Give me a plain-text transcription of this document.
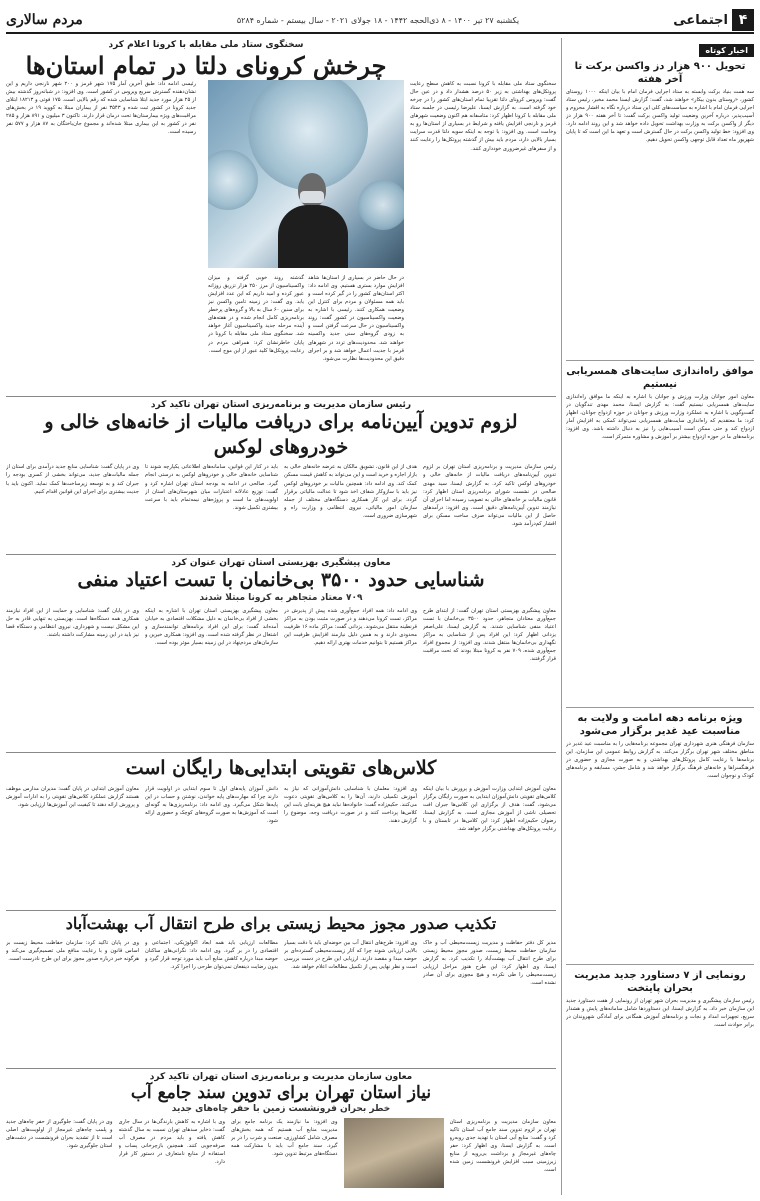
۴
اجتماعی
یکشنبه ۲۷ تیر ۱۴۰۰ - ۸ ذی‌الحجه ۱۴۴۲ - ۱۸ جولای ۲۰۲۱ - سال بیستم - شماره ۵۲۸۴
مردم سالاری
اخبار کوتاه
تحویل ۹۰۰ هزار دز واکسن برکت تا آخر هفته
سه همت بنیاد برکت وابسته به ستاد اجرایی فرمان امام با بیان اینکه ۱۰۰۰ روستای کشور، «روستای بدون بیکار» خواهند شد، گفت: گزارش ایسنا محمد مخبر، رئیس ستاد اجرایی فرمان امام با اشاره به سیاست‌های کلی این ستاد درباره نگاه به اقشار محروم و آسیب‌پذیر، درباره آخرین وضعیت تولید واکسن برکت گفت: تا آخر هفته ۹۰۰ هزار دز دیگر از واکسن برکت به وزارت بهداشت تحویل داده خواهد شد و این روند ادامه دارد. وی افزود: خط تولید واکسن برکت در حال گسترش است و تعهد ما این است که تا پایان شهریور ماه تعداد قابل توجهی واکسن تحویل دهیم.
موافق راه‌اندازی سایت‌های همسریابی نیستیم
معاون امور جوانان وزارت ورزش و جوانان با اشاره به اینکه ما موافق راه‌اندازی سایت‌های همسریابی نیستیم گفت: به گزارش ایسنا، محمد مهدی تندگویان در گفت‌وگویی با اشاره به عملکرد وزارت ورزش و جوانان در حوزه ازدواج جوانان، اظهار کرد: ما معتقدیم که راه‌اندازی سایت‌های همسریابی نمی‌تواند کمکی به افزایش آمار ازدواج کند و حتی ممکن است آسیب‌هایی را نیز به دنبال داشته باشد. وی افزود: برنامه‌های ما در حوزه ازدواج بیشتر بر آموزش و مشاوره متمرکز است.
ویژه برنامه دهه امامت و ولایت به مناسبت عید غدیر برگزار می‌شود
سازمان فرهنگی هنری شهرداری تهران مجموعه برنامه‌هایی را به مناسبت عید غدیر در مناطق مختلف شهر تهران برگزار می‌کند. به گزارش روابط عمومی این سازمان، این برنامه‌ها با رعایت کامل پروتکل‌های بهداشتی و به صورت مجازی و حضوری در فرهنگسراها و خانه‌های فرهنگ برگزار خواهد شد و شامل جشن، مسابقه و برنامه‌های کودک و نوجوان است.
رونمایی از ۷ دستاورد جدید مدیریت بحران پایتخت
رئیس سازمان پیشگیری و مدیریت بحران شهر تهران از رونمایی از هفت دستاورد جدید این سازمان خبر داد. به گزارش ایسنا، این دستاوردها شامل سامانه‌های پایش و هشدار سریع، تجهیزات امداد و نجات و برنامه‌های آموزش همگانی برای آمادگی شهروندان در برابر حوادث است.
سخنگوی ستاد ملی مقابله با کرونا اعلام کرد
چرخش کرونای دلتا در تمام استان‌ها
سخنگوی ستاد ملی مقابله با کرونا نسبت به کاهش سطح رعایت پروتکل‌های بهداشتی به زیر ۵۰ درصد هشدار داد و در عین حال گفت: ویروس کرونای دلتا تقریبا تمام استان‌های کشور را در چرخه خود گرفته است. به گزارش ایسنا، علیرضا رئیسی در جلسه ستاد ملی مقابله با کرونا اظهار کرد: متاسفانه هم اکنون وضعیت شهرهای قرمز و نارنجی افزایش یافته و شرایط در بسیاری از استان‌ها رو به وخامت است. وی افزود: با توجه به اینکه سویه دلتا قدرت سرایت بسیار بالایی دارد، مردم باید بیش از گذشته پروتکل‌ها را رعایت کنند و از سفرهای غیرضروری خودداری کنند.
در حال حاضر در بسیاری از استان‌ها شاهد افزایش موارد بستری هستیم. وی ادامه داد: اکثر استان‌های کشور را در گیر کرده است و باید همه مسئولان و مردم برای کنترل این وضعیت همکاری کنند. رئیسی با اشاره به وضعیت واکسیناسیون در کشور گفت: روند واکسیناسیون در حال سرعت گرفتن است و به زودی گروه‌های سنی جدید واکسینه خواهند شد. محدودیت‌های تردد در شهرهای قرمز با جدیت اعمال خواهد شد و بر اجرای دقیق این محدودیت‌ها نظارت می‌شود.
گذشته روند خوبی گرفته و میزان واکسیناسیون از مرز ۲۵۰ هزار تزریق روزانه عبور کرده و امید داریم که این عدد افزایش یابد. وی گفت: در زمینه تامین واکسن نیز برای سنین ۶۰ سال به بالا و گروه‌های پرخطر برنامه‌ریزی کامل انجام شده و در هفته‌های آینده مرحله جدید واکسیناسیون آغاز خواهد شد. سخنگوی ستاد ملی مقابله با کرونا در پایان خاطرنشان کرد: همراهی مردم در رعایت پروتکل‌ها کلید عبور از این موج است.
رئیسی ادامه داد: طبق آخرین آمار ۱۷۵ شهر قرمز و ۲۰۰ شهر نارنجی داریم و این نشان‌دهنده گسترش سریع ویروس در کشور است. وی افزود: در شبانه‌روز گذشته بیش از ۲۵ هزار مورد جدید ابتلا شناسایی شده که رقم بالایی است. ۱۷۵ فوتی و ۱۸۲۱۳ ابتلای جدید کرونا در کشور ثبت شده و ۳۵۴۳ نفر از بیماران مبتلا به کووید ۱۹ در بخش‌های مراقبت‌های ویژه بیمارستان‌ها تحت درمان قرار دارند. تاکنون ۳ میلیون و ۸۹۱ هزار و ۲۸۵ نفر در کشور به این بیماری مبتلا شده‌اند و مجموع جان‌باختگان به ۸۷ هزار و ۵۷۷ نفر رسیده است.
رئیس سازمان مدیریت و برنامه‌ریزی استان تهران تاکید کرد
لزوم تدوین آیین‌نامه برای دریافت مالیات از خانه‌های خالی و خودروهای لوکس
رئیس سازمان مدیریت و برنامه‌ریزی استان تهران بر لزوم تدوین آیین‌نامه‌های دریافت مالیات از خانه‌های خالی و خودروهای لوکس تاکید کرد. به گزارش ایسنا، سید مهدی صالحی در نشست شورای برنامه‌ریزی استان اظهار کرد: قانون مالیات بر خانه‌های خالی به تصویب رسیده اما اجرای آن نیازمند تدوین آیین‌نامه‌های دقیق است. وی افزود: درآمدهای حاصل از این مالیات می‌تواند صرف ساخت مسکن برای اقشار کم‌درآمد شود.
هدف از این قانون، تشویق مالکان به عرضه خانه‌های خالی به بازار اجاره و خرید است و این می‌تواند به کاهش قیمت مسکن کمک کند. وی ادامه داد: همچنین مالیات بر خودروهای لوکس نیز باید با سازوکار شفاف اخذ شود تا عدالت مالیاتی برقرار گردد. برای این کار همکاری دستگاه‌های مختلف از جمله سازمان امور مالیاتی، نیروی انتظامی و وزارت راه و شهرسازی ضروری است.
باید در کنار این قوانین، سامانه‌های اطلاعاتی یکپارچه شوند تا شناسایی خانه‌های خالی و خودروهای لوکس به درستی انجام گیرد. صالحی در ادامه به بودجه استان تهران اشاره کرد و گفت: توزیع عادلانه اعتبارات میان شهرستان‌های استان از اولویت‌های ما است و پروژه‌های نیمه‌تمام باید با سرعت بیشتری تکمیل شوند.
وی در پایان گفت: شناسایی منابع جدید درآمدی برای استان از جمله مالیات‌های جدید، می‌تواند بخشی از کسری بودجه را جبران کند و به توسعه زیرساخت‌ها کمک نماید. اکنون باید با جدیت بیشتری برای اجرای این قوانین اقدام کنیم.
معاون پیشگیری بهزیستی استان تهران عنوان کرد
شناسایی حدود ۳۵۰۰ بی‌خانمان با تست اعتیاد منفی
۷۰۹ معتاد متجاهر به کرونا مبتلا شدند
معاون پیشگیری بهزیستی استان تهران گفت: از ابتدای طرح جمع‌آوری معتادان متجاهر، حدود ۳۵۰۰ بی‌خانمان با تست اعتیاد منفی شناسایی شدند. به گزارش ایسنا، علی‌اصغر یزدانی اظهار کرد: این افراد پس از شناسایی به مراکز نگهداری بی‌خانمان‌ها منتقل شدند. وی افزود: از مجموع افراد جمع‌آوری شده، ۷۰۹ نفر به کرونا مبتلا بودند که تحت مراقبت قرار گرفتند.
وی ادامه داد: همه افراد جمع‌آوری شده پیش از پذیرش در مراکز، تست کرونا می‌دهند و در صورت مثبت بودن به مراکز قرنطینه منتقل می‌شوند. یزدانی گفت: مراکز ماده ۱۶ ظرفیت محدودی دارند و به همین دلیل نیازمند افزایش ظرفیت این مراکز هستیم تا بتوانیم خدمات بهتری ارائه دهیم.
معاون پیشگیری بهزیستی استان تهران با اشاره به اینکه بخشی از افراد بی‌خانمان به دلیل مشکلات اقتصادی به خیابان آمده‌اند گفت: برای این افراد برنامه‌های توانمندسازی و اشتغال در نظر گرفته شده است. وی افزود: همکاری خیرین و سازمان‌های مردم‌نهاد در این زمینه بسیار موثر بوده است.
وی در پایان گفت: شناسایی و حمایت از این افراد نیازمند همکاری همه دستگاه‌ها است. بهزیستی به تنهایی قادر به حل این مشکل نیست و شهرداری، نیروی انتظامی و دستگاه قضا نیز باید در این زمینه مشارکت داشته باشند.
کلاس‌های تقویتی ابتدایی‌ها رایگان است
معاون آموزش ابتدایی وزارت آموزش و پرورش با بیان اینکه کلاس‌های تقویتی دانش‌آموزان ابتدایی به صورت رایگان برگزار می‌شود، گفت: هدف از برگزاری این کلاس‌ها جبران افت تحصیلی ناشی از آموزش مجازی است. به گزارش ایسنا، رضوان حکیم‌زاده اظهار کرد: این کلاس‌ها در تابستان و با رعایت پروتکل‌های بهداشتی برگزار خواهد شد.
وی افزود: معلمان با شناسایی دانش‌آموزانی که نیاز به آموزش تکمیلی دارند، آن‌ها را به کلاس‌های تقویتی دعوت می‌کنند. حکیم‌زاده گفت: خانواده‌ها نباید هیچ هزینه‌ای بابت این کلاس‌ها پرداخت کنند و در صورت دریافت وجه، موضوع را گزارش دهند.
دانش آموزان پایه‌های اول تا سوم ابتدایی در اولویت قرار دارند چرا که مهارت‌های پایه خواندن، نوشتن و حساب در این پایه‌ها شکل می‌گیرد. وی ادامه داد: برنامه‌ریزی‌ها به گونه‌ای است که آموزش‌ها به صورت گروه‌های کوچک و حضوری ارائه شود.
معاون آموزش ابتدایی در پایان گفت: مدیران مدارس موظف هستند گزارش عملکرد کلاس‌های تقویتی را به ادارات آموزش و پرورش ارائه دهند تا کیفیت این آموزش‌ها ارزیابی شود.
تکذیب صدور مجوز محیط زیستی برای طرح انتقال آب بهشت‌آباد
مدیر کل دفتر حفاظت و مدیریت زیست‌محیطی آب و خاک سازمان حفاظت محیط زیست، صدور مجوز محیط زیستی برای طرح انتقال آب بهشت‌آباد را تکذیب کرد. به گزارش ایسنا، وی اظهار کرد: این طرح هنوز مراحل ارزیابی زیست‌محیطی را طی نکرده و هیچ مجوزی برای آن صادر نشده است.
وی افزود: طرح‌های انتقال آب بین حوضه‌ای باید با دقت بسیار بالایی ارزیابی شوند چرا که آثار زیست‌محیطی گسترده‌ای بر حوضه مبدا و مقصد دارند. ارزیابی این طرح در دست بررسی است و نظر نهایی پس از تکمیل مطالعات اعلام خواهد شد.
مطالعات ارزیابی باید همه ابعاد اکولوژیکی، اجتماعی و اقتصادی را در بر گیرد. وی ادامه داد: نگرانی‌های ساکنان حوضه مبدا درباره کاهش منابع آب باید مورد توجه قرار گیرد و بدون رضایت ذینفعان نمی‌توان طرحی را اجرا کرد.
وی در پایان تاکید کرد: سازمان حفاظت محیط زیست بر اساس قانون و با رعایت منافع ملی تصمیم‌گیری می‌کند و هرگونه خبر درباره صدور مجوز برای این طرح نادرست است.
معاون سازمان مدیریت و برنامه‌ریزی استان تهران تاکید کرد
نیاز استان تهران برای تدوین سند جامع آب
خطر بحران فرونشست زمین با حفر چاه‌های جدید
معاون سازمان مدیریت و برنامه‌ریزی استان تهران بر لزوم تدوین سند جامع آب استان تاکید کرد و گفت: منابع آبی استان با تهدید جدی روبه‌رو است. به گزارش ایسنا، وی اظهار کرد: حفر چاه‌های غیرمجاز و برداشت بی‌رویه از منابع زیرزمینی سبب افزایش فرونشست زمین شده است.
وی افزود: ما نیازمند یک برنامه جامع برای مدیریت منابع آب هستیم که همه بخش‌های مصرف شامل کشاورزی، صنعت و شرب را در بر گیرد. سند جامع آب باید با مشارکت همه دستگاه‌های مرتبط تدوین شود.
وی با اشاره به کاهش بارندگی‌ها در سال جاری گفت: ذخایر سدهای تهران نسبت به سال گذشته کاهش یافته و باید مردم در مصرف آب صرفه‌جویی کنند. همچنین بازچرخانی پساب و استفاده از منابع نامتعارف در دستور کار قرار دارد.
وی در پایان گفت: جلوگیری از حفر چاه‌های جدید و پلمب چاه‌های غیرمجاز از اولویت‌های اصلی است تا از تشدید بحران فرونشست در دشت‌های استان جلوگیری شود.
